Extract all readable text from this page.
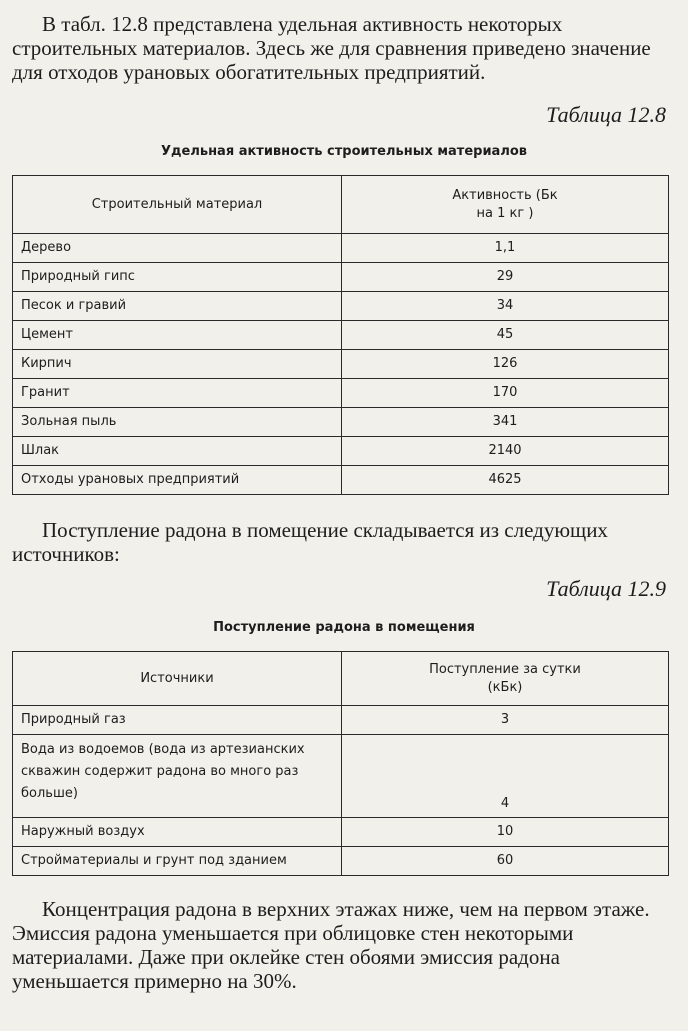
В табл. 12.8 представлена удельная активность некоторых строительных материалов. Здесь же для сравнения приведено значение для отходов урановых обогатительных предприятий.

Таблица 12.8
Удельная активность строительных материалов
Строительный материал	Активность (Бк на 1 кг )

Дерево	1,1
Природный гипс	29
Песок и гравий	34
Цемент	45
Кирпич	126
Гранит	170
Зольная пыль	341
Шлак	2140
Отходы урановых предприятий	4625

Поступление радона в помещение складывается из следующих источников:

Таблица 12.9
Поступление радона в помещения
Источники	Поступление за сутки (кБк)

Природный газ	3
Вода из водоемов (вода из артезианских скважин содержит радона во много раз больше)	4
Наружный воздух	10
Стройматериалы и грунт под зданием	60

Концентрация радона в верхних этажах ниже, чем на первом этаже. Эмиссия радона уменьшается при облицовке стен некоторыми материалами. Даже при оклейке стен обоями эмиссия радона уменьшается примерно на 30%.
